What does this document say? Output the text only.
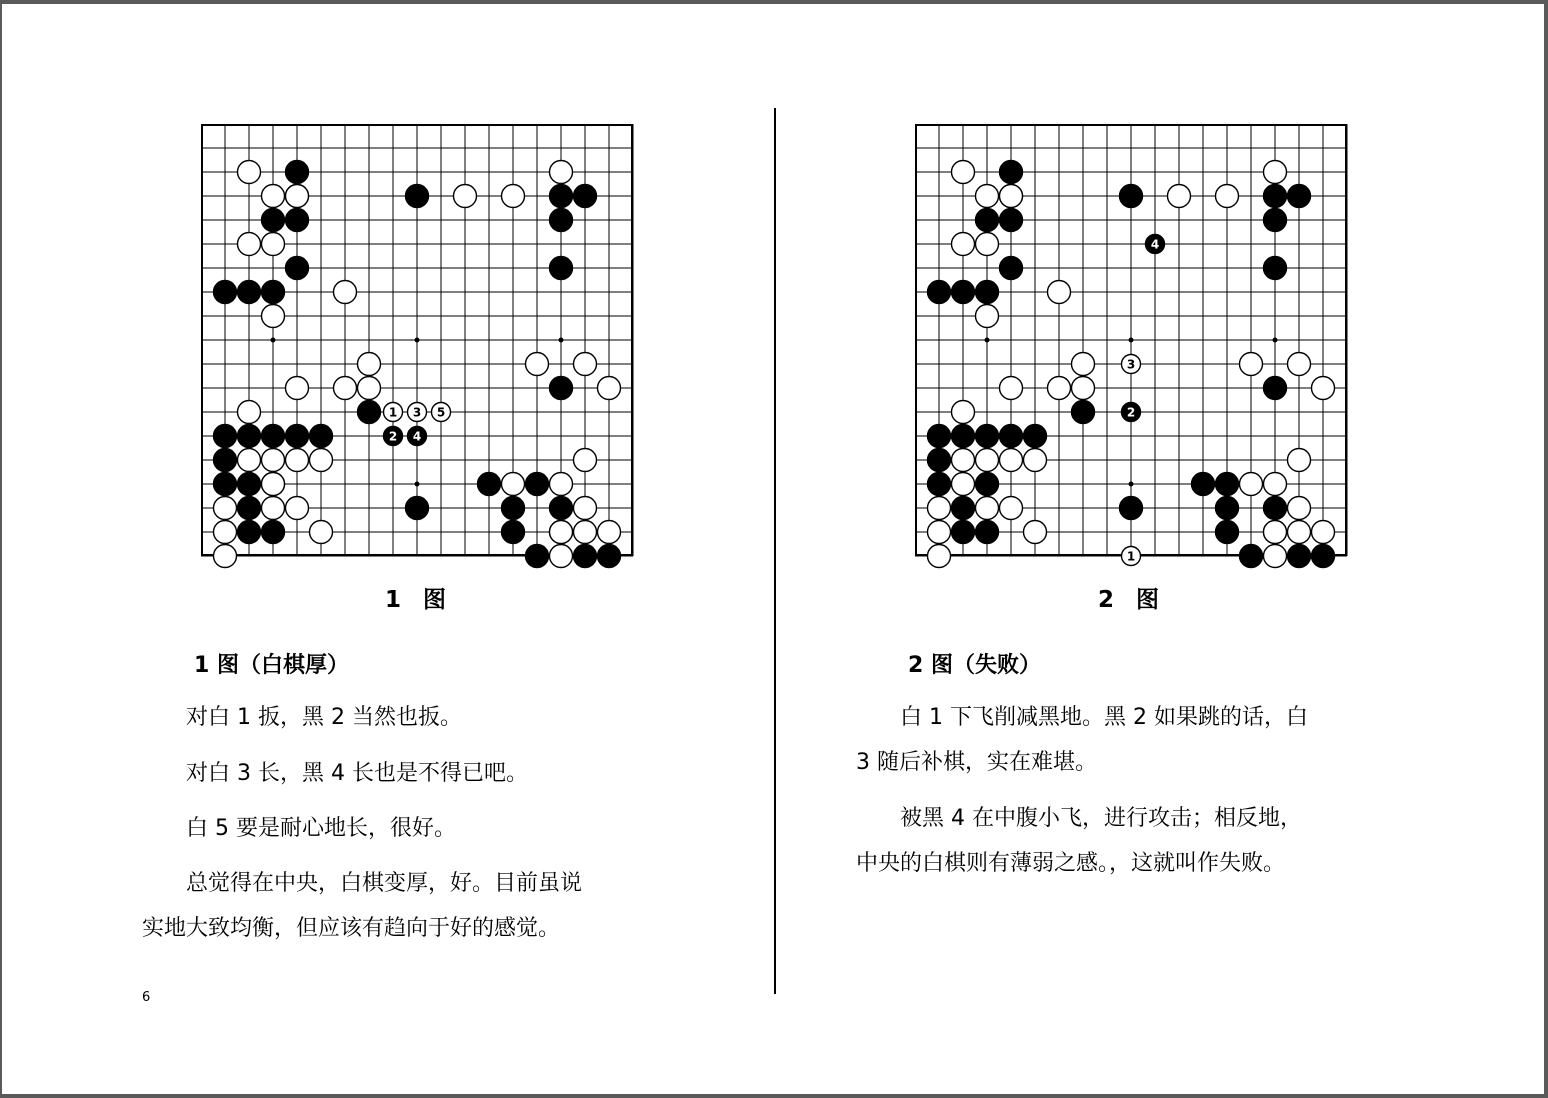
1
2
3
4
5
1 图
1 图（白棋厚）

　　对白 1 扳，黑 2 当然也扳。

　　对白 3 长，黑 4 长也是不得已吧。

　　白 5 要是耐心地长，很好。

　　总觉得在中央，白棋变厚，好。目前虽说
实地大致均衡，但应该有趋向于好的感觉。

6
1
2
3
4
2 图
2 图（失败）

　　白 1 下飞削减黑地。黑 2 如果跳的话，白
3 随后补棋，实在难堪。

　　被黑 4 在中腹小飞，进行攻击；相反地，
中央的白棋则有薄弱之感。，这就叫作失败。
